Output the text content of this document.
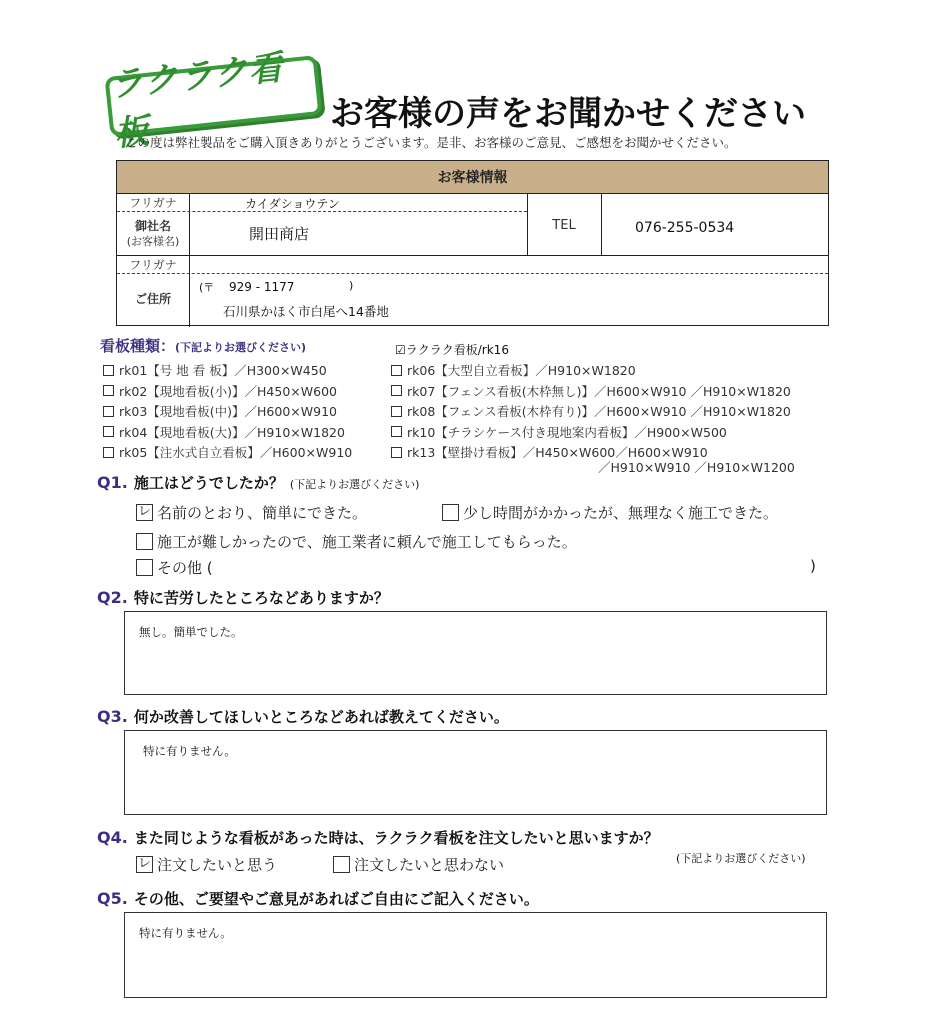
ラクラク看板	お客様の声をお聞かせください
この度は弊社製品をご購入頂きありがとうございます。是非、お客様のご意見、ご感想をお聞かせください。
お客様情報
フリガナ	カイダショウテン
御社名
(お客様名)	開田商店	TEL	076-255-0534
フリガナ
ご住所
(〒 929 - 1177	)
石川県かほく市白尾へ14番地
看板種類： (下記よりお選びください)	☑ラクラク看板/rk16
rk01【号 地 看 板】／H300×W450
rk02【現地看板(小)】／H450×W600
rk03【現地看板(中)】／H600×W910
rk04【現地看板(大)】／H910×W1820
rk05【注水式自立看板】／H600×W910
rk06【大型自立看板】／H910×W1820
rk07【フェンス看板(木枠無し)】／H600×W910 ／H910×W1820
rk08【フェンス看板(木枠有り)】／H600×W910 ／H910×W1820
rk10【チラシケース付き現地案内看板】／H900×W500
rk13【壁掛け看板】／H450×W600／H600×W910
／H910×W910 ／H910×W1200
Q1. 施工はどうでしたか？ (下記よりお選びください)
レ 名前のとおり、簡単にできた。	少し時間がかかったが、無理なく施工できた。
施工が難しかったので、施工業者に頼んで施工してもらった。
その他 (	)
Q2. 特に苦労したところなどありますか？
無し。簡単でした。
Q3. 何か改善してほしいところなどあれば教えてください。
特に有りません。
Q4. また同じような看板があった時は、ラクラク看板を注文したいと思いますか？
レ 注文したいと思う	注文したいと思わない	(下記よりお選びください)
Q5. その他、ご要望やご意見があればご自由にご記入ください。
特に有りません。
